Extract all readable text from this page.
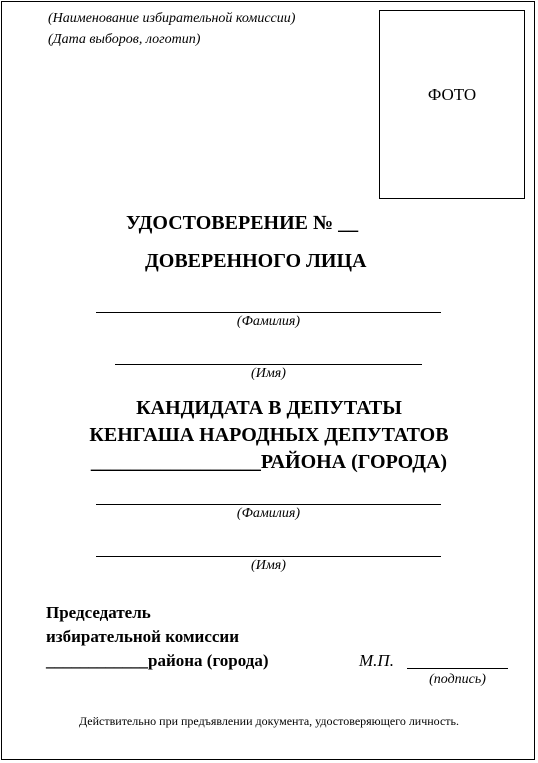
(Наименование избирательной комиссии)
(Дата выборов, логотип)
ФОТО
УДОСТОВЕРЕНИЕ № __
ДОВЕРЕННОГО ЛИЦА
(Фамилия)
(Имя)
КАНДИДАТА В ДЕПУТАТЫ
КЕНГАША НАРОДНЫХ ДЕПУТАТОВ
_________________РАЙОНА (ГОРОДА)
(Фамилия)
(Имя)
Председатель
избирательной комиссии
____________района (города)	М.П.
(подпись)
Действительно при предъявлении документа, удостоверяющего личность.
